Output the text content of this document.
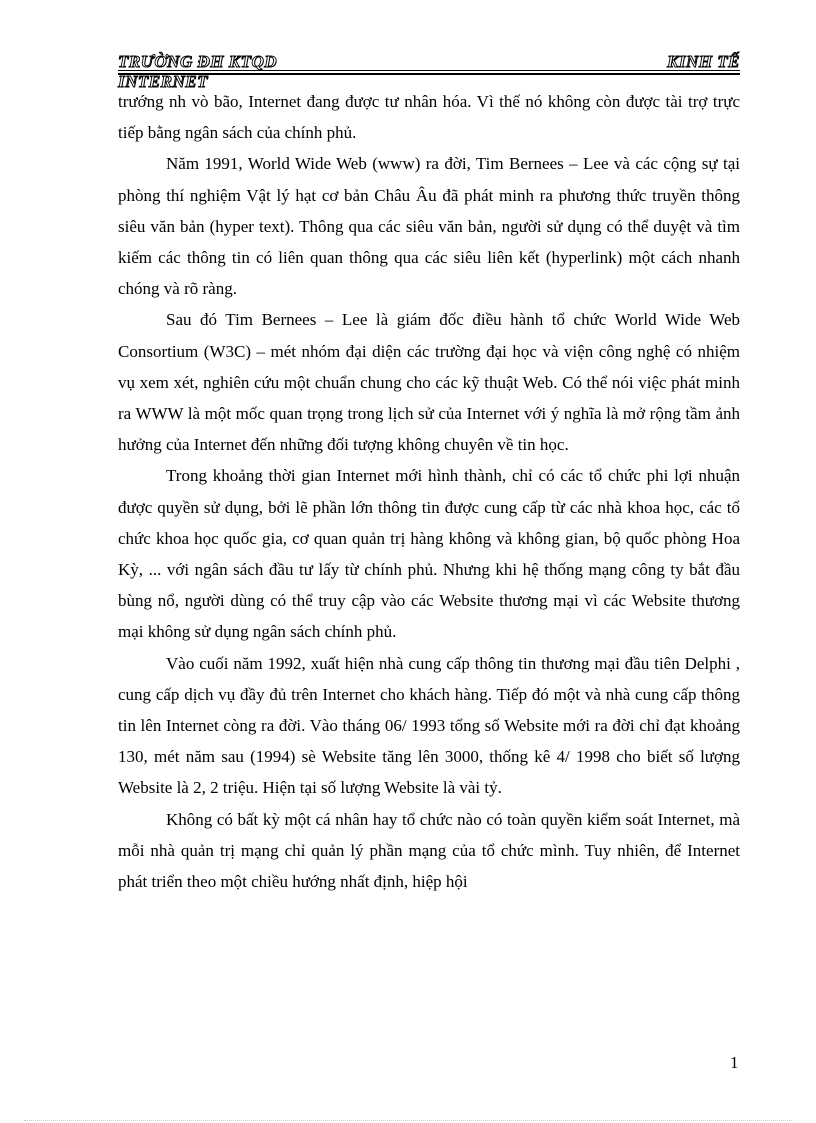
TRƯỜNG ĐH KTQD	KINH TẾ
INTERNET

trướng nh vò bão, Internet đang được tư nhân hóa. Vì thế nó không còn được tài trợ trực tiếp bằng ngân sách của chính phủ.

Năm 1991, World Wide Web (www) ra đời, Tim Bernees – Lee và các cộng sự tại phòng thí nghiệm Vật lý hạt cơ bản Châu Âu đã phát minh ra phương thức truyền thông siêu văn bản (hyper text). Thông qua các siêu văn bản, người sử dụng có thể duyệt và tìm kiếm các thông tin có liên quan thông qua các siêu liên kết (hyperlink) một cách nhanh chóng và rõ ràng.

Sau đó Tim Bernees – Lee là giám đốc điều hành tổ chức World Wide Web Consortium (W3C) – mét nhóm đại diện các trường đại học và viện công nghệ có nhiệm vụ xem xét, nghiên cứu một chuẩn chung cho các kỹ thuật Web. Có thể nói việc phát minh ra WWW là một mốc quan trọng trong lịch sử của Internet với ý nghĩa là mở rộng tầm ảnh hưởng của Internet đến những đối tượng không chuyên về tin học.

Trong khoảng thời gian Internet mới hình thành, chỉ có các tổ chức phi lợi nhuận được quyền sử dụng, bởi lẽ phần lớn thông tin được cung cấp từ các nhà khoa học, các tổ chức khoa học quốc gia, cơ quan quản trị hàng không và không gian, bộ quốc phòng Hoa Kỳ, ... với ngân sách đầu tư lấy từ chính phủ. Nhưng khi hệ thống mạng công ty bắt đầu bùng nổ, người dùng có thể truy cập vào các Website thương mại vì các Website thương mại không sử dụng ngân sách chính phủ.

Vào cuối năm 1992, xuất hiện nhà cung cấp thông tin thương mại đầu tiên Delphi , cung cấp dịch vụ đầy đủ trên Internet cho khách hàng. Tiếp đó một và nhà cung cấp thông tin lên Internet còng ra đời. Vào tháng 06/ 1993 tổng số Website mới ra đời chỉ đạt khoảng 130, mét năm sau (1994) sè Website tăng lên 3000, thống kê 4/ 1998 cho biết số lượng Website là 2, 2 triệu. Hiện tại số lượng Website là vài tỷ.

Không có bất kỳ một cá nhân hay tổ chức nào có toàn quyền kiểm soát Internet, mà mỗi nhà quản trị mạng chỉ quản lý phần mạng của tổ chức mình. Tuy nhiên, để Internet phát triển theo một chiều hướng nhất định, hiệp hội

1
